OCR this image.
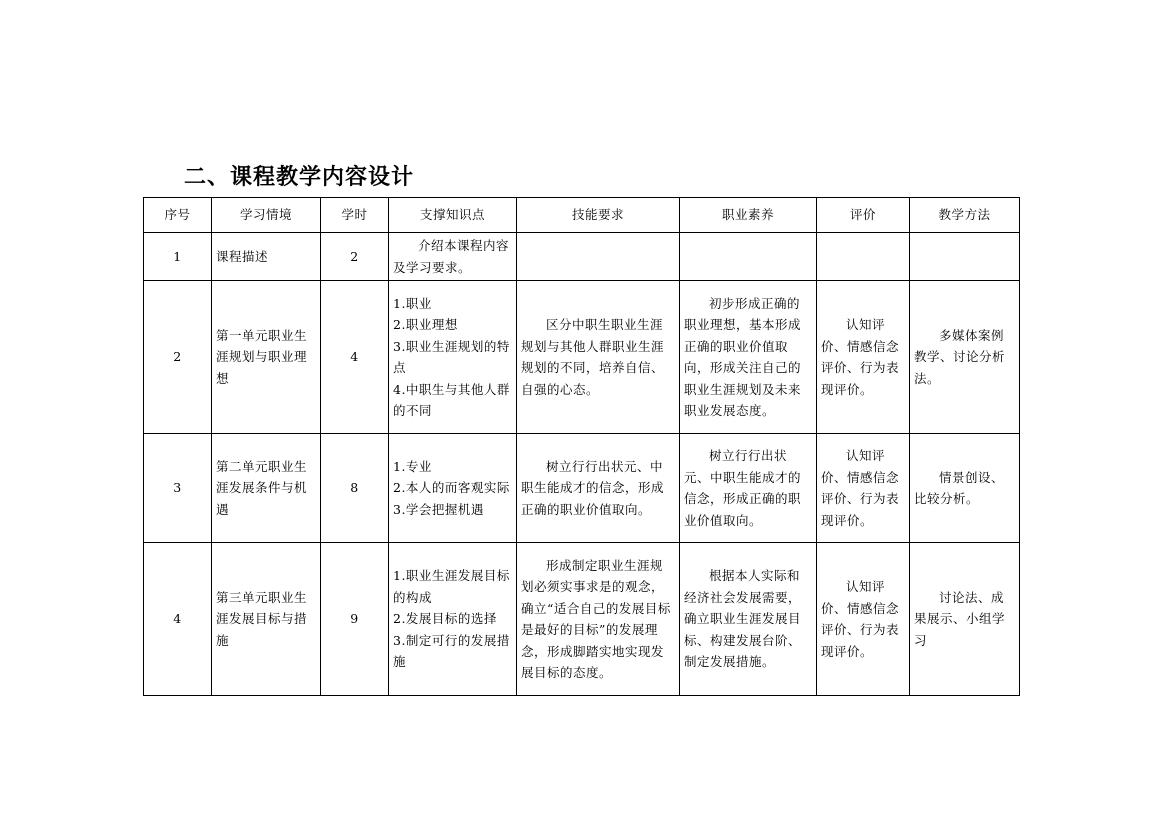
二、课程教学内容设计
序号	学习情境	学时	支撑知识点	技能要求	职业素养	评价	教学方法
1	课程描述	2	介绍本课程内容及学习要求。				
2	第一单元职业生涯规划与职业理想	4	1.职业
2.职业理想
3.职业生涯规划的特点
4.中职生与其他人群的不同	区分中职生职业生涯规划与其他人群职业生涯规划的不同，培养自信、自强的心态。	初步形成正确的职业理想，基本形成正确的职业价值取向，形成关注自己的职业生涯规划及未来职业发展态度。	认知评价、情感信念评价、行为表现评价。	多媒体案例教学、讨论分析法。
3	第二单元职业生涯发展条件与机遇	8	1.专业
2.本人的而客观实际
3.学会把握机遇	树立行行出状元、中职生能成才的信念，形成正确的职业价值取向。	树立行行出状元、中职生能成才的信念，形成正确的职业价值取向。	认知评价、情感信念评价、行为表现评价。	情景创设、比较分析。
4	第三单元职业生涯发展目标与措施	9	1.职业生涯发展目标的构成
2.发展目标的选择
3.制定可行的发展措施	形成制定职业生涯规划必须实事求是的观念，确立“适合自己的发展目标是最好的目标”的发展理念，形成脚踏实地实现发展目标的态度。	根据本人实际和经济社会发展需要，确立职业生涯发展目标、构建发展台阶、制定发展措施。	认知评价、情感信念评价、行为表现评价。	讨论法、成果展示、小组学习
